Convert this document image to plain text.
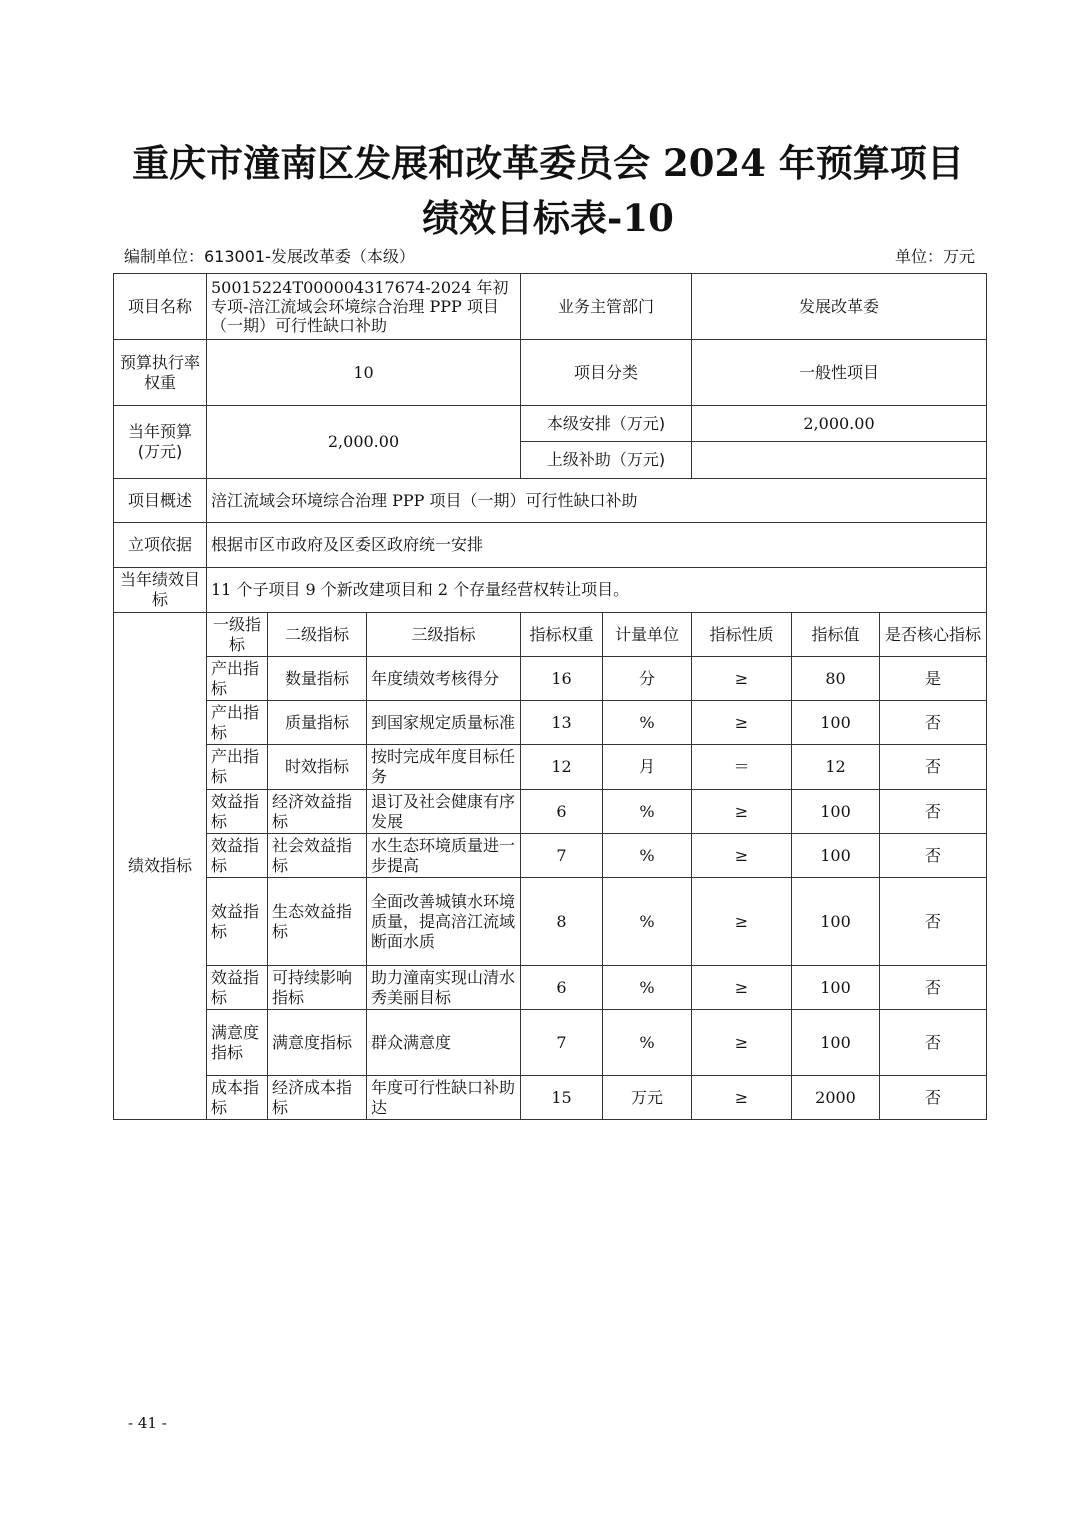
重庆市潼南区发展和改革委员会 2024 年预算项目
绩效目标表-10
编制单位：613001-发展改革委（本级）	单位：万元
项目名称	50015224T000004317674-2024 年初专项-涪江流域会环境综合治理 PPP 项目（一期）可行性缺口补助			业务主管部门		发展改革委		
预算执行率权重	10			项目分类		一般性项目		
当年预算(万元)	2,000.00			本级安排（万元)		2,000.00		
				上级补助（万元)				
项目概述	涪江流域会环境综合治理 PPP 项目（一期）可行性缺口补助							
立项依据	根据市区市政府及区委区政府统一安排							
当年绩效目标	11 个子项目 9 个新改建项目和 2 个存量经营权转让项目。							
绩效指标	一级指标	二级指标	三级指标	指标权重	计量单位	指标性质	指标值	是否核心指标
	产出指标	数量指标	年度绩效考核得分	16	分	≥	80	是
	产出指标	质量指标	到国家规定质量标准	13	%	≥	100	否
	产出指标	时效指标	按时完成年度目标任务	12	月	＝	12	否
	效益指标	经济效益指标	退订及社会健康有序发展	6	%	≥	100	否
	效益指标	社会效益指标	水生态环境质量进一步提高	7	%	≥	100	否
	效益指标	生态效益指标	全面改善城镇水环境质量，提高涪江流域断面水质	8	%	≥	100	否
	效益指标	可持续影响指标	助力潼南实现山清水秀美丽目标	6	%	≥	100	否
	满意度指标	满意度指标	群众满意度	7	%	≥	100	否
	成本指标	经济成本指标	年度可行性缺口补助达	15	万元	≥	2000	否
- 41 -
